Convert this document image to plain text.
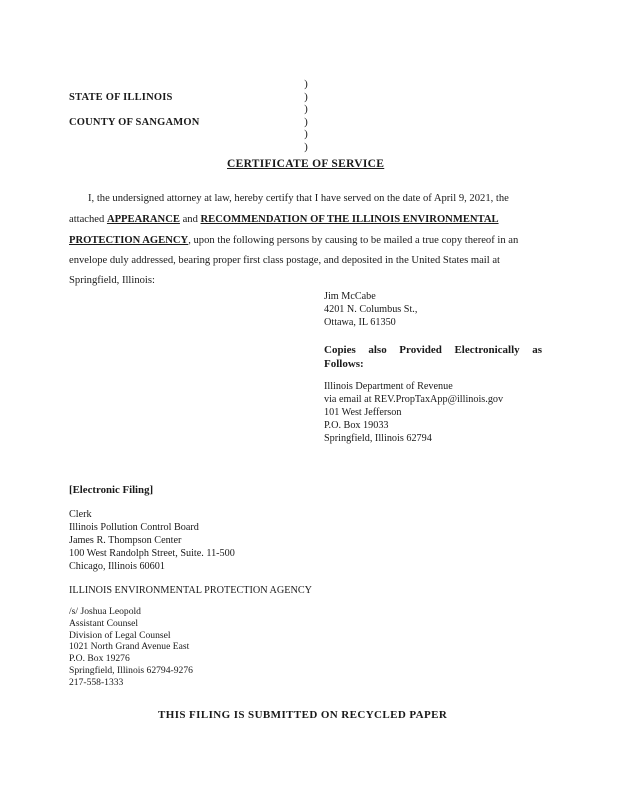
STATE OF ILLINOIS
COUNTY OF SANGAMON
)
)
)
)
)
)
CERTIFICATE OF SERVICE
I, the undersigned attorney at law, hereby certify that I have served on the date of April 9, 2021, the
attached APPEARANCE and RECOMMENDATION OF THE ILLINOIS ENVIRONMENTAL
PROTECTION AGENCY, upon the following persons by causing to be mailed a true copy thereof in an
envelope duly addressed, bearing proper first class postage, and deposited in the United States mail at
Springfield, Illinois:
Jim McCabe
4201 N. Columbus St.,
Ottawa, IL 61350
Copies also Provided Electronically as
Follows:
Illinois Department of Revenue
via email at REV.PropTaxApp@illinois.gov
101 West Jefferson
P.O. Box 19033
Springfield, Illinois 62794
[Electronic Filing]
Clerk
Illinois Pollution Control Board
James R. Thompson Center
100 West Randolph Street, Suite. 11-500
Chicago, Illinois 60601
ILLINOIS ENVIRONMENTAL PROTECTION AGENCY
/s/ Joshua Leopold
Assistant Counsel
Division of Legal Counsel
1021 North Grand Avenue East
P.O. Box 19276
Springfield, Illinois 62794-9276
217-558-1333
THIS FILING IS SUBMITTED ON RECYCLED PAPER
